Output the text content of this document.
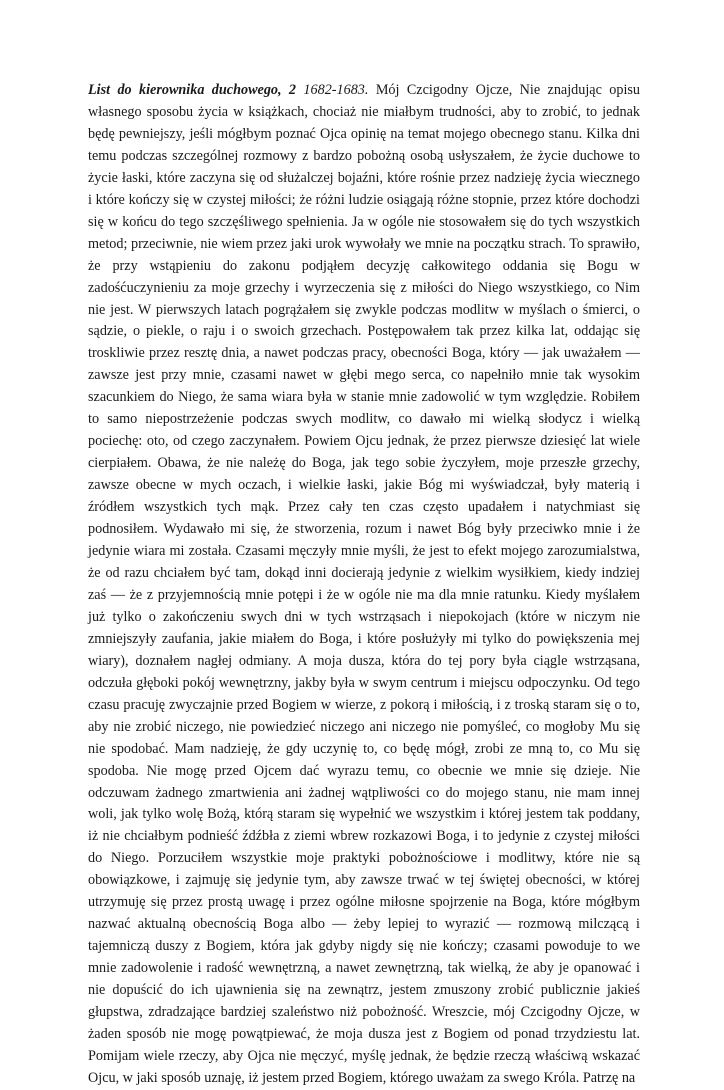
List do kierownika duchowego, 2 1682-1683. Mój Czcigodny Ojcze, Nie znajdując opisu własnego sposobu życia w książkach, chociaż nie miałbym trudności, aby to zrobić, to jednak będę pewniejszy, jeśli mógłbym poznać Ojca opinię na temat mojego obecnego stanu. Kilka dni temu podczas szczególnej rozmowy z bardzo pobożną osobą usłyszałem, że życie duchowe to życie łaski, które zaczyna się od służalczej bojaźni, które rośnie przez nadzieję życia wiecznego i które kończy się w czystej miłości; że różni ludzie osiągają różne stopnie, przez które dochodzi się w końcu do tego szczęśliwego spełnienia. Ja w ogóle nie stosowałem się do tych wszystkich metod; przeciwnie, nie wiem przez jaki urok wywołały we mnie na początku strach. To sprawiło, że przy wstąpieniu do zakonu podjąłem decyzję całkowitego oddania się Bogu w zadośćuczynieniu za moje grzechy i wyrzeczenia się z miłości do Niego wszystkiego, co Nim nie jest. W pierwszych latach pogrążałem się zwykle podczas modlitw w myślach o śmierci, o sądzie, o piekle, o raju i o swoich grzechach. Postępowałem tak przez kilka lat, oddając się troskliwie przez resztę dnia, a nawet podczas pracy, obecności Boga, który — jak uważałem — zawsze jest przy mnie, czasami nawet w głębi mego serca, co napełniło mnie tak wysokim szacunkiem do Niego, że sama wiara była w stanie mnie zadowolić w tym względzie. Robiłem to samo niepostrzeżenie podczas swych modlitw, co dawało mi wielką słodycz i wielką pociechę: oto, od czego zaczynałem. Powiem Ojcu jednak, że przez pierwsze dziesięć lat wiele cierpiałem. Obawa, że nie należę do Boga, jak tego sobie życzyłem, moje przeszłe grzechy, zawsze obecne w mych oczach, i wielkie łaski, jakie Bóg mi wyświadczał, były materią i źródłem wszystkich tych mąk. Przez cały ten czas często upadałem i natychmiast się podnosiłem. Wydawało mi się, że stworzenia, rozum i nawet Bóg były przeciwko mnie i że jedynie wiara mi została. Czasami męczyły mnie myśli, że jest to efekt mojego zarozumialstwa, że od razu chciałem być tam, dokąd inni docierają jedynie z wielkim wysiłkiem, kiedy indziej zaś — że z przyjemnością mnie potępi i że w ogóle nie ma dla mnie ratunku. Kiedy myślałem już tylko o zakończeniu swych dni w tych wstrząsach i niepokojach (które w niczym nie zmniejszyły zaufania, jakie miałem do Boga, i które posłużyły mi tylko do powiększenia mej wiary), doznałem nagłej odmiany. A moja dusza, która do tej pory była ciągle wstrząsana, odczuła głęboki pokój wewnętrzny, jakby była w swym centrum i miejscu odpoczynku. Od tego czasu pracuję zwyczajnie przed Bogiem w wierze, z pokorą i miłością, i z troską staram się o to, aby nie zrobić niczego, nie powiedzieć niczego ani niczego nie pomyśleć, co mogłoby Mu się nie spodobać. Mam nadzieję, że gdy uczynię to, co będę mógł, zrobi ze mną to, co Mu się spodoba. Nie mogę przed Ojcem dać wyrazu temu, co obecnie we mnie się dzieje. Nie odczuwam żadnego zmartwienia ani żadnej wątpliwości co do mojego stanu, nie mam innej woli, jak tylko wolę Bożą, którą staram się wypełnić we wszystkim i której jestem tak poddany, iż nie chciałbym podnieść źdźbła z ziemi wbrew rozkazowi Boga, i to jedynie z czystej miłości do Niego. Porzuciłem wszystkie moje praktyki pobożnościowe i modlitwy, które nie są obowiązkowe, i zajmuję się jedynie tym, aby zawsze trwać w tej świętej obecności, w której utrzymuję się przez prostą uwagę i przez ogólne miłosne spojrzenie na Boga, które mógłbym nazwać aktualną obecnością Boga albo — żeby lepiej to wyrazić — rozmową milczącą i tajemniczą duszy z Bogiem, która jak gdyby nigdy się nie kończy; czasami powoduje to we mnie zadowolenie i radość wewnętrzną, a nawet zewnętrzną, tak wielką, że aby je opanować i nie dopuścić do ich ujawnienia się na zewnątrz, jestem zmuszony zrobić publicznie jakieś głupstwa, zdradzające bardziej szaleństwo niż pobożność. Wreszcie, mój Czcigodny Ojcze, w żaden sposób nie mogę powątpiewać, że moja dusza jest z Bogiem od ponad trzydziestu lat. Pomijam wiele rzeczy, aby Ojca nie męczyć, myślę jednak, że będzie rzeczą właściwą wskazać Ojcu, w jaki sposób uznaję, iż jestem przed Bogiem, którego uważam za swego Króla. Patrzę na
